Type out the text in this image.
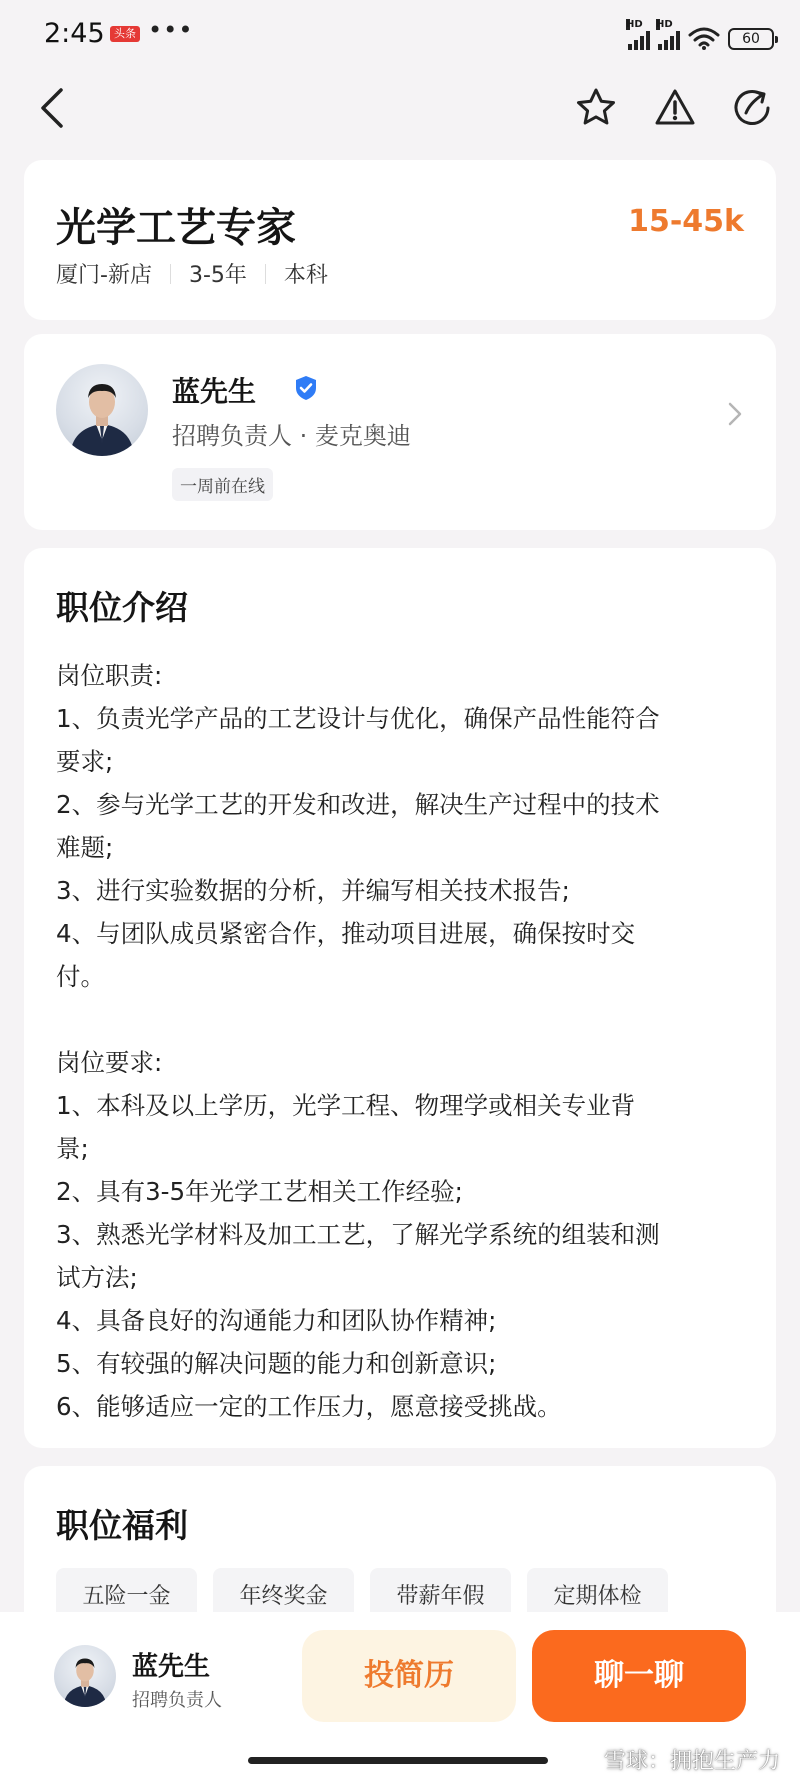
2:45 头条 •••	HD HD
60
光学工艺专家	15-45k
厦门-新店 3-5年 本科
蓝先生
招聘负责人 · 麦克奥迪
一周前在线
职位介绍

岗位职责:

1、负责光学产品的工艺设计与优化，确保产品性能符合

要求;

2、参与光学工艺的开发和改进，解决生产过程中的技术

难题;

3、进行实验数据的分析，并编写相关技术报告;

4、与团队成员紧密合作，推动项目进展，确保按时交

付。

岗位要求:

1、本科及以上学历，光学工程、物理学或相关专业背

景;

2、具有3-5年光学工艺相关工作经验;

3、熟悉光学材料及加工工艺，了解光学系统的组装和测

试方法;

4、具备良好的沟通能力和团队协作精神;

5、有较强的解决问题的能力和创新意识;

6、能够适应一定的工作压力，愿意接受挑战。

职位福利
五险一金	年终奖金	带薪年假	定期体检
蓝先生
招聘负责人
投简历	聊一聊
雪球：拥抱生产力
